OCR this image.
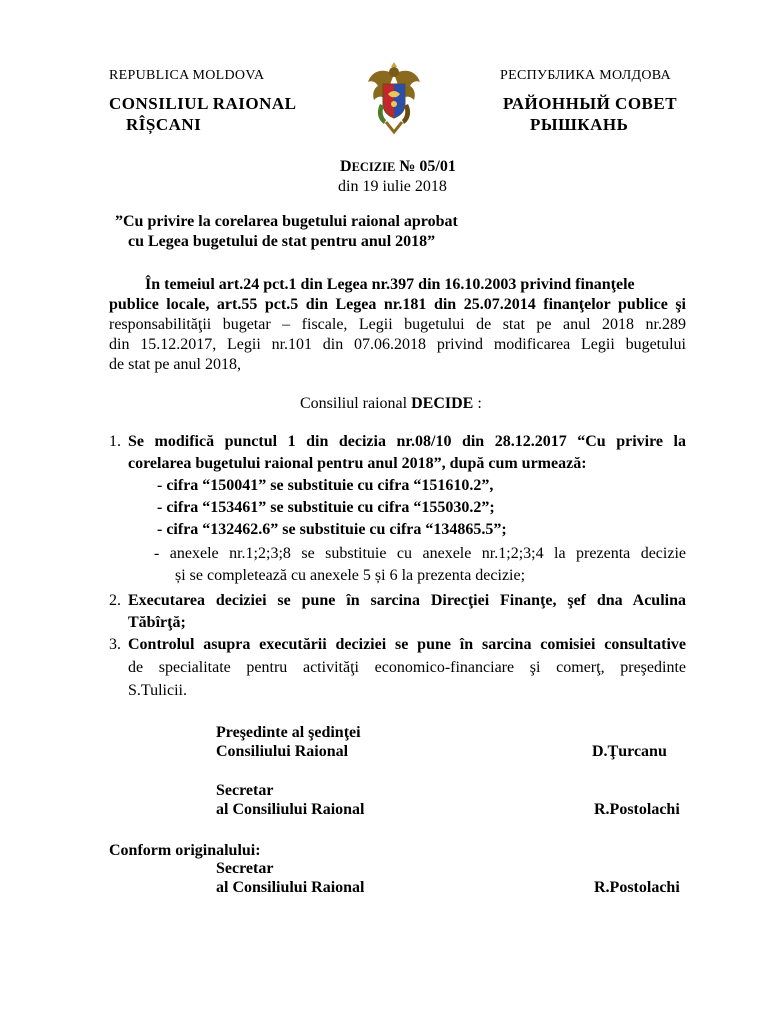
REPUBLICA MOLDOVA
CONSILIUL RAIONAL
RÎȘCANI
РЕСПУБЛИКА МОЛДОВА
РАЙОННЫЙ СОВЕТ
РЫШКАНЬ
DECIZIE № 05/01
din 19 iulie 2018
”Cu privire la corelarea bugetului raional aprobat
cu Legea bugetului de stat pentru anul 2018”
În temeiul art.24 pct.1 din Legea nr.397 din 16.10.2003 privind finanţele
publice locale, art.55 pct.5 din Legea nr.181 din 25.07.2014 finanţelor publice şi
responsabilităţii bugetar – fiscale, Legii bugetului de stat pe anul 2018 nr.289
din 15.12.2017, Legii nr.101 din 07.06.2018 privind modificarea Legii bugetului
de stat pe anul 2018,
Consiliul raional DECIDE :
1. Se modifică punctul 1 din decizia nr.08/10 din 28.12.2017 “Cu privire la
corelarea bugetului raional pentru anul 2018”, după cum urmează:
- cifra “150041” se substituie cu cifra “151610.2”,
- cifra “153461” se substituie cu cifra “155030.2”;
- cifra “132462.6” se substituie cu cifra “134865.5”;
- anexele nr.1;2;3;8 se substituie cu anexele nr.1;2;3;4 la prezenta decizie
și se completează cu anexele 5 și 6 la prezenta decizie;
2. Executarea deciziei se pune în sarcina Direcţiei Finanţe, şef dna Aculina
Tăbîrţă;
3. Controlul asupra executării deciziei se pune în sarcina comisiei consultative
de specialitate pentru activităţi economico-financiare şi comerţ, preşedinte
S.Tulicii.
Preşedinte al şedinţei
Consiliului Raional	D.Ţurcanu
Secretar
al Consiliului Raional	R.Postolachi
Conform originalului:
Secretar
al Consiliului Raional	R.Postolachi
